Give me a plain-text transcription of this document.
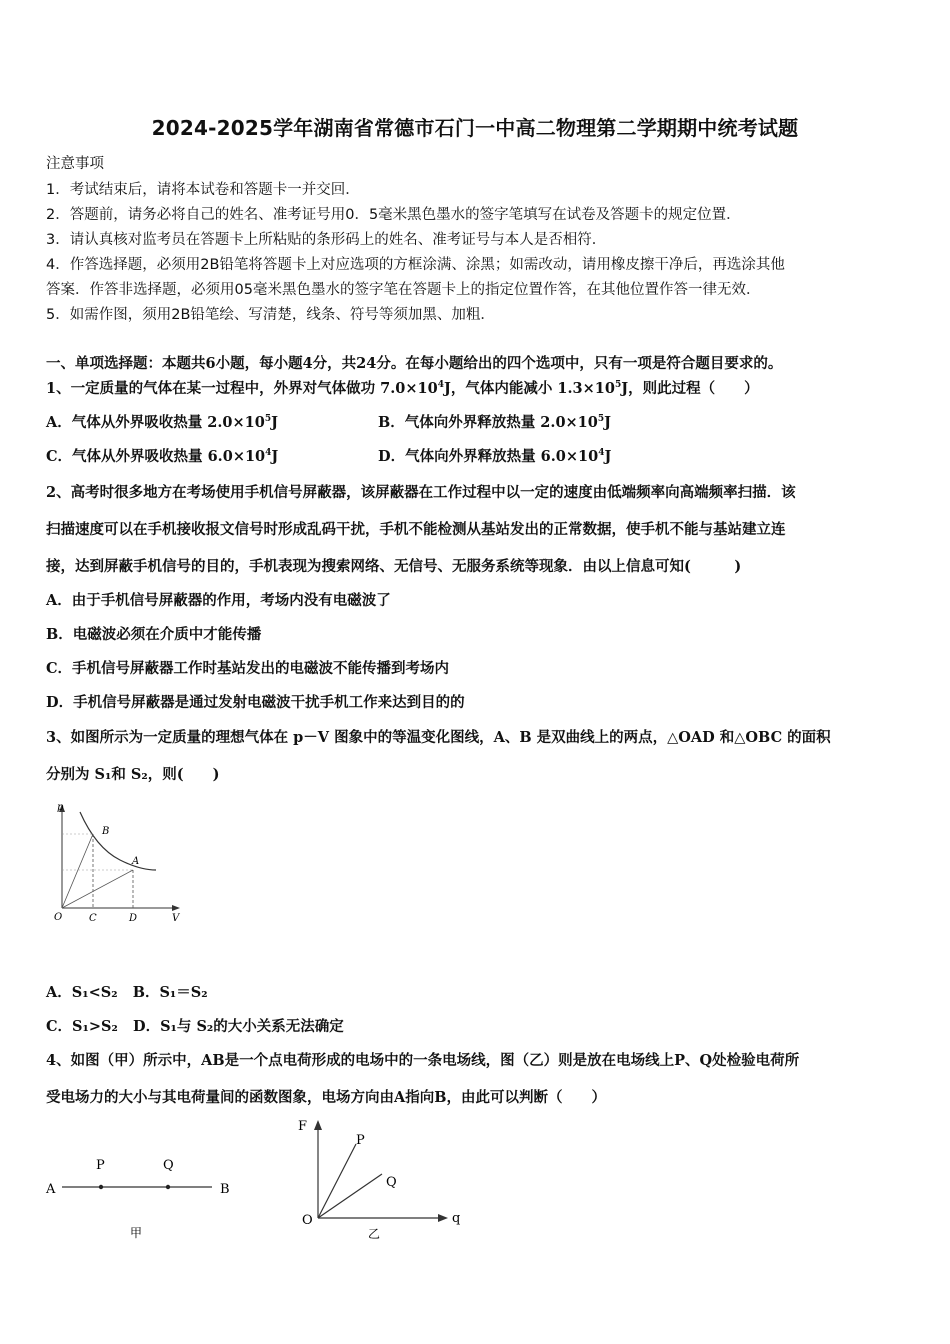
2024-2025学年湖南省常德市石门一中高二物理第二学期期中统考试题
注意事项
1．考试结束后，请将本试卷和答题卡一并交回．
2．答题前，请务必将自己的姓名、准考证号用0．5毫米黑色墨水的签字笔填写在试卷及答题卡的规定位置．
3．请认真核对监考员在答题卡上所粘贴的条形码上的姓名、准考证号与本人是否相符．
4．作答选择题，必须用2B铅笔将答题卡上对应选项的方框涂满、涂黑；如需改动，请用橡皮擦干净后，再选涂其他
答案．作答非选择题，必须用05毫米黑色墨水的签字笔在答题卡上的指定位置作答，在其他位置作答一律无效．
5．如需作图，须用2B铅笔绘、写清楚，线条、符号等须加黑、加粗．
一、单项选择题：本题共6小题，每小题4分，共24分。在每小题给出的四个选项中，只有一项是符合题目要求的。
1、一定质量的气体在某一过程中，外界对气体做功 $7.0\times 10^4J$，气体内能减小 $1.3\times 10^5J$，则此过程（　　）
A．气体从外界吸收热量 $2.0\times 10^5J$	B．气体向外界释放热量 $2.0\times 10^5J$
C．气体从外界吸收热量 $6.0\times 10^4J$	D．气体向外界释放热量 $6.0\times 10^4J$
2、高考时很多地方在考场使用手机信号屏蔽器，该屏蔽器在工作过程中以一定的速度由低端频率向高端频率扫描．该
扫描速度可以在手机接收报文信号时形成乱码干扰，手机不能检测从基站发出的正常数据，使手机不能与基站建立连
接，达到屏蔽手机信号的目的，手机表现为搜索网络、无信号、无服务系统等现象．由以上信息可知(　　　)
A．由于手机信号屏蔽器的作用，考场内没有电磁波了
B．电磁波必须在介质中才能传播
C．手机信号屏蔽器工作时基站发出的电磁波不能传播到考场内
D．手机信号屏蔽器是通过发射电磁波干扰手机工作来达到目的的
3、如图所示为一定质量的理想气体在 p－V 图象中的等温变化图线，A、B 是双曲线上的两点，△OAD 和△OBC 的面积
分别为 S₁和 S₂，则(　　)
p
V
O	C	D
B
A
A．S₁<S₂ B．S₁＝S₂
C．S₁>S₂ D．S₁与 S₂的大小关系无法确定
4、如图（甲）所示中，AB是一个点电荷形成的电场中的一条电场线，图（乙）则是放在电场线上P、Q处检验电荷所
受电场力的大小与其电荷量间的函数图象，电场方向由A指向B，由此可以判断（　　）
A	B
P	Q
甲
F
q
O
P
Q
乙
